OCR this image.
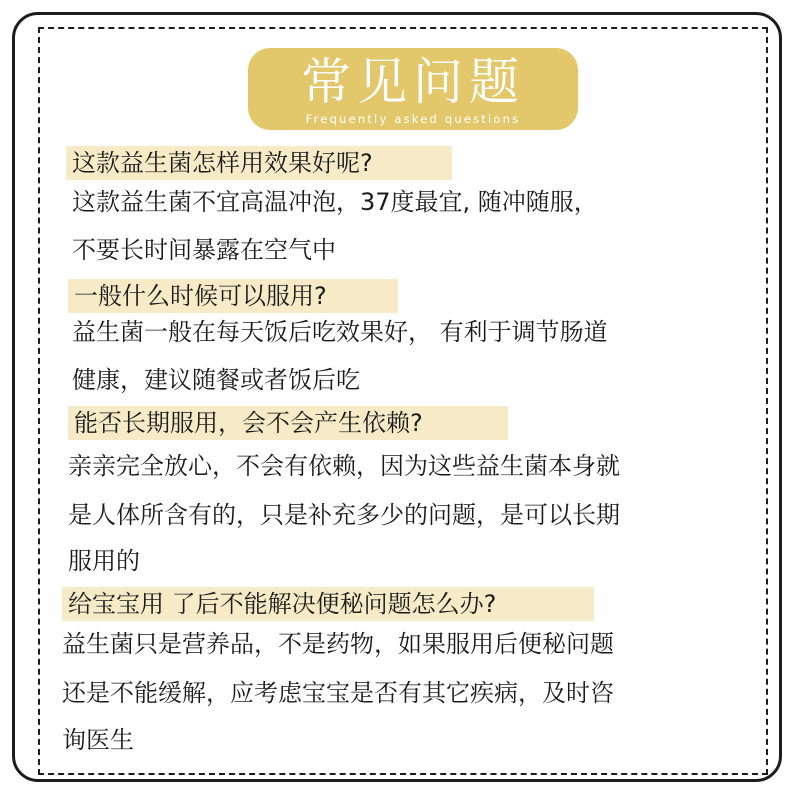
常见问题
Frequently asked questions
这款益生菌怎样用效果好呢?
这款益生菌不宜高温冲泡，37度最宜, 随冲随服，
不要长时间暴露在空气中
一般什么时候可以服用?
益生菌一般在每天饭后吃效果好， 有利于调节肠道
健康，建议随餐或者饭后吃
能否长期服用，会不会产生依赖?
亲亲完全放心，不会有依赖，因为这些益生菌本身就
是人体所含有的，只是补充多少的问题，是可以长期
服用的
给宝宝用 了后不能解决便秘问题怎么办?
益生菌只是营养品，不是药物，如果服用后便秘问题
还是不能缓解，应考虑宝宝是否有其它疾病，及时咨
询医生
